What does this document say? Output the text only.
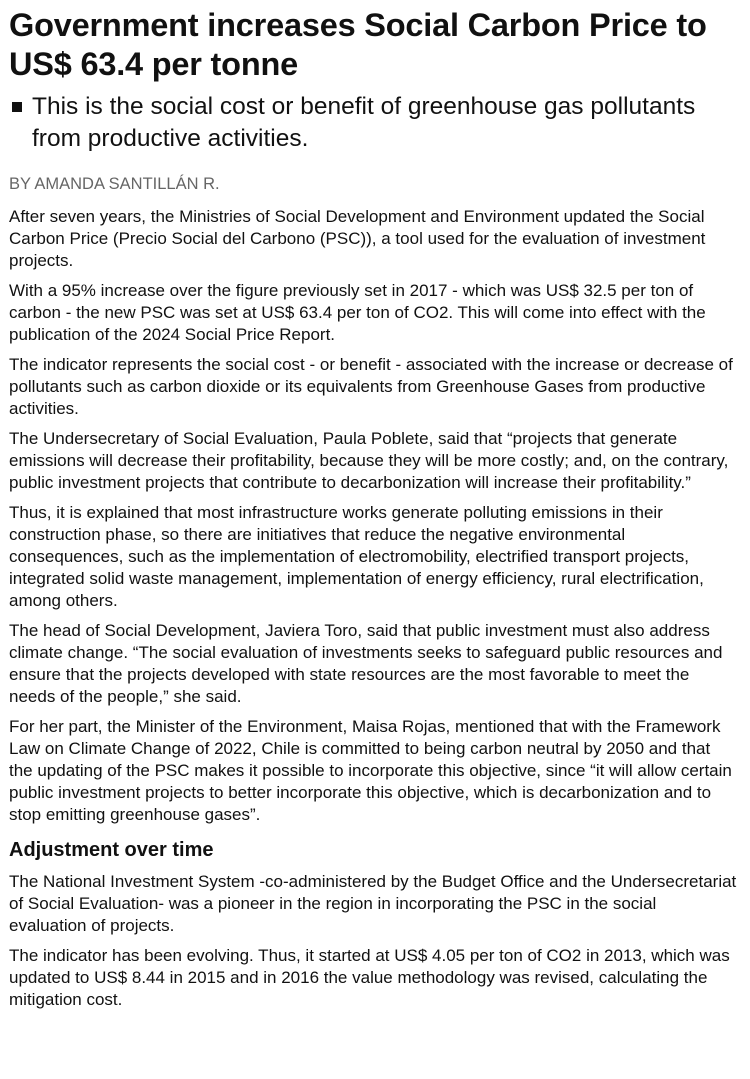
Government increases Social Carbon Price to US$ 63.4 per tonne
This is the social cost or benefit of greenhouse gas pollutants from productive activities.
BY AMANDA SANTILLÁN R.

After seven years, the Ministries of Social Development and Environment updated the Social Carbon Price (Precio Social del Carbono (PSC)), a tool used for the evaluation of investment projects.

With a 95% increase over the figure previously set in 2017 - which was US$ 32.5 per ton of carbon - the new PSC was set at US$ 63.4 per ton of CO2. This will come into effect with the publication of the 2024 Social Price Report.

The indicator represents the social cost - or benefit - associated with the increase or decrease of pollutants such as carbon dioxide or its equivalents from Greenhouse Gases from productive activities.

The Undersecretary of Social Evaluation, Paula Poblete, said that “projects that generate emissions will decrease their profitability, because they will be more costly; and, on the contrary, public investment projects that contribute to decarbonization will increase their profitability.”

Thus, it is explained that most infrastructure works generate polluting emissions in their construction phase, so there are initiatives that reduce the negative environmental consequences, such as the implementation of electromobility, electrified transport projects, integrated solid waste management, implementation of energy efficiency, rural electrification, among others.

The head of Social Development, Javiera Toro, said that public investment must also address climate change. “The social evaluation of investments seeks to safeguard public resources and ensure that the projects developed with state resources are the most favorable to meet the needs of the people,” she said.

For her part, the Minister of the Environment, Maisa Rojas, mentioned that with the Framework Law on Climate Change of 2022, Chile is committed to being carbon neutral by 2050 and that the updating of the PSC makes it possible to incorporate this objective, since “it will allow certain public investment projects to better incorporate this objective, which is decarbonization and to stop emitting greenhouse gases”.

Adjustment over time

The National Investment System -co-administered by the Budget Office and the Undersecretariat of Social Evaluation- was a pioneer in the region in incorporating the PSC in the social evaluation of projects.

The indicator has been evolving. Thus, it started at US$ 4.05 per ton of CO2 in 2013, which was updated to US$ 8.44 in 2015 and in 2016 the value methodology was revised, calculating the mitigation cost.
